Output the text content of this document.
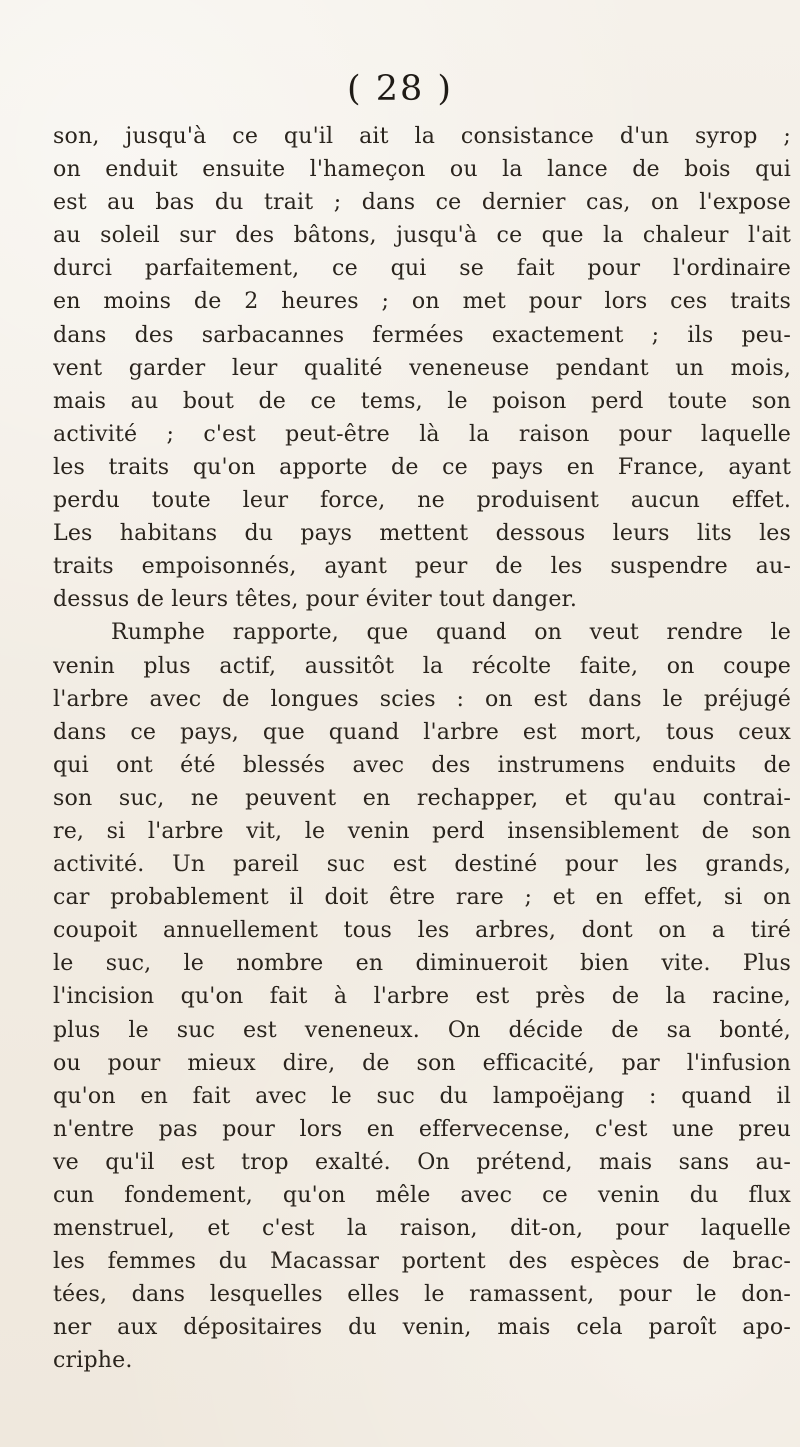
( 28 )
son, jusqu'à ce qu'il ait la consistance d'un syrop ;
on enduit ensuite l'hameçon ou la lance de bois qui
est au bas du trait ; dans ce dernier cas, on l'expose
au soleil sur des bâtons, jusqu'à ce que la chaleur l'ait
durci parfaitement, ce qui se fait pour l'ordinaire
en moins de 2 heures ; on met pour lors ces traits
dans des sarbacannes fermées exactement ; ils peu-
vent garder leur qualité veneneuse pendant un mois,
mais au bout de ce tems, le poison perd toute son
activité ; c'est peut-être là la raison pour laquelle
les traits qu'on apporte de ce pays en France, ayant
perdu toute leur force, ne produisent aucun effet.
Les habitans du pays mettent dessous leurs lits les
traits empoisonnés, ayant peur de les suspendre au-
dessus de leurs têtes, pour éviter tout danger.
Rumphe rapporte, que quand on veut rendre le
venin plus actif, aussitôt la récolte faite, on coupe
l'arbre avec de longues scies : on est dans le préjugé
dans ce pays, que quand l'arbre est mort, tous ceux
qui ont été blessés avec des instrumens enduits de
son suc, ne peuvent en rechapper, et qu'au contrai-
re, si l'arbre vit, le venin perd insensiblement de son
activité. Un pareil suc est destiné pour les grands,
car probablement il doit être rare ; et en effet, si on
coupoit annuellement tous les arbres, dont on a tiré
le suc, le nombre en diminueroit bien vite. Plus
l'incision qu'on fait à l'arbre est près de la racine,
plus le suc est veneneux. On décide de sa bonté,
ou pour mieux dire, de son efficacité, par l'infusion
qu'on en fait avec le suc du lampoëjang : quand il
n'entre pas pour lors en effervecense, c'est une preu
ve qu'il est trop exalté. On prétend, mais sans au-
cun fondement, qu'on mêle avec ce venin du flux
menstruel, et c'est la raison, dit-on, pour laquelle
les femmes du Macassar portent des espèces de brac-
tées, dans lesquelles elles le ramassent, pour le don-
ner aux dépositaires du venin, mais cela paroît apo-
criphe.
